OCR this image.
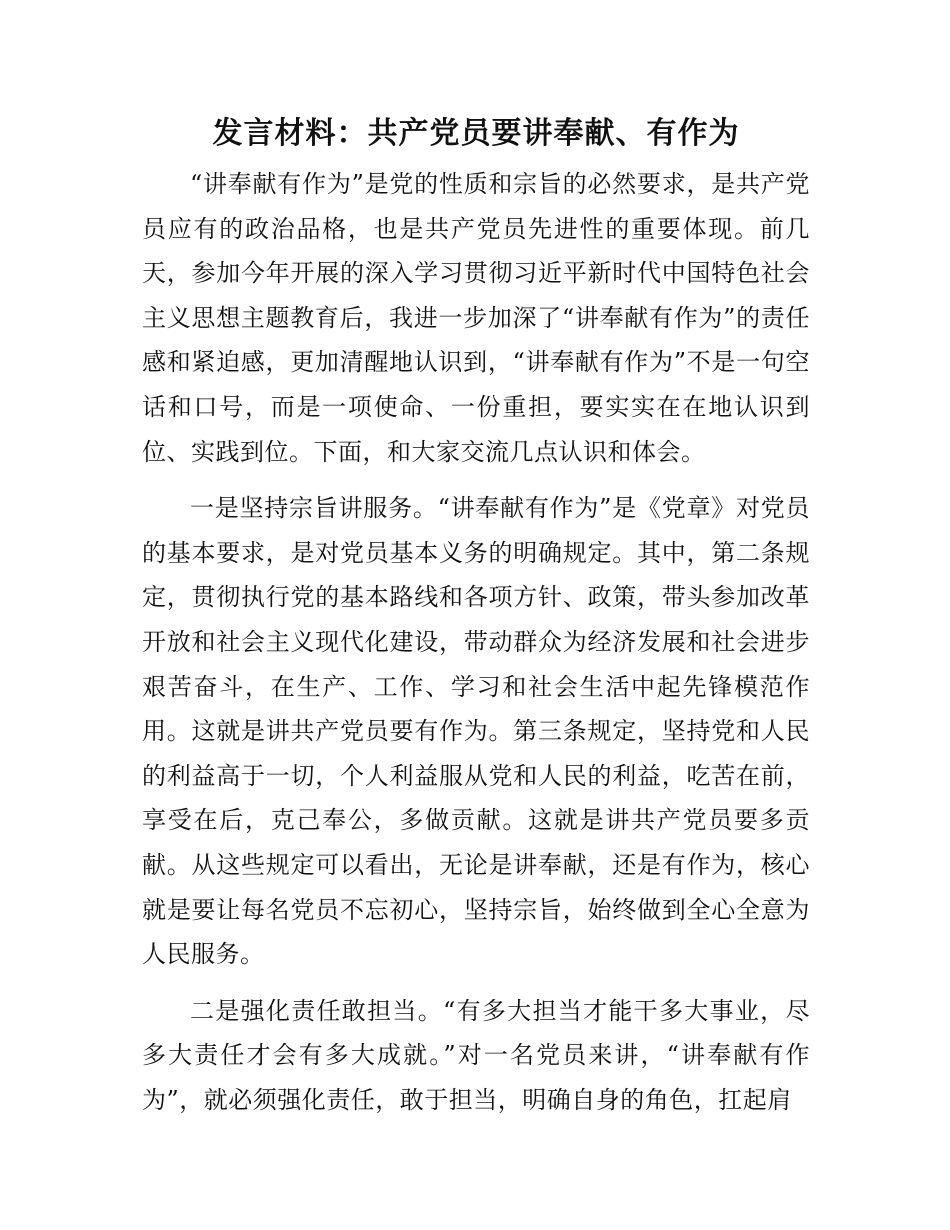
发言材料：共产党员要讲奉献、有作为

“讲奉献有作为”是党的性质和宗旨的必然要求，是共产党员应有的政治品格，也是共产党员先进性的重要体现。前几天，参加今年开展的深入学习贯彻习近平新时代中国特色社会主义思想主题教育后，我进一步加深了“讲奉献有作为”的责任感和紧迫感，更加清醒地认识到，“讲奉献有作为”不是一句空话和口号，而是一项使命、一份重担，要实实在在地认识到位、实践到位。下面，和大家交流几点认识和体会。

一是坚持宗旨讲服务。“讲奉献有作为”是《党章》对党员的基本要求，是对党员基本义务的明确规定。其中，第二条规定，贯彻执行党的基本路线和各项方针、政策，带头参加改革开放和社会主义现代化建设，带动群众为经济发展和社会进步艰苦奋斗，在生产、工作、学习和社会生活中起先锋模范作用。这就是讲共产党员要有作为。第三条规定，坚持党和人民的利益高于一切，个人利益服从党和人民的利益，吃苦在前，享受在后，克己奉公，多做贡献。这就是讲共产党员要多贡献。从这些规定可以看出，无论是讲奉献，还是有作为，核心就是要让每名党员不忘初心，坚持宗旨，始终做到全心全意为人民服务。

二是强化责任敢担当。“有多大担当才能干多大事业，尽多大责任才会有多大成就。”对一名党员来讲，“讲奉献有作为”，就必须强化责任，敢于担当，明确自身的角色，扛起肩
